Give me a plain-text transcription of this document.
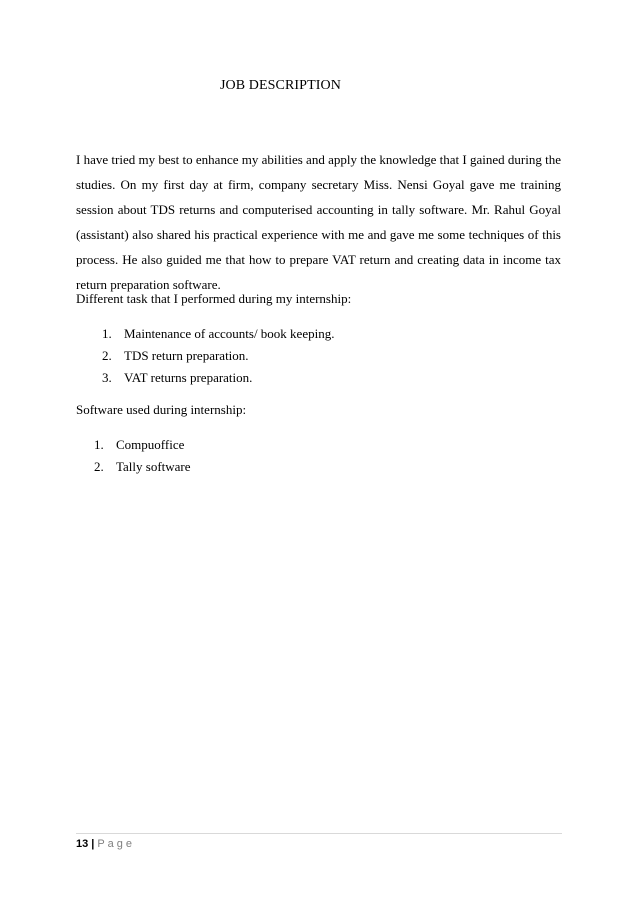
JOB DESCRIPTION

I have tried my best to enhance my abilities and apply the knowledge that I gained during the studies. On my first day at firm, company secretary Miss. Nensi Goyal gave me training session about TDS returns and computerised accounting in tally software. Mr. Rahul Goyal (assistant) also shared his practical experience with me and gave me some techniques of this process. He also guided me that how to prepare VAT return and creating data in income tax return preparation software.

Different task that I performed during my internship:

1. Maintenance of accounts/ book keeping.
2. TDS return preparation.
3. VAT returns preparation.

Software used during internship:

1. Compuoffice
2. Tally software

13 | Page
